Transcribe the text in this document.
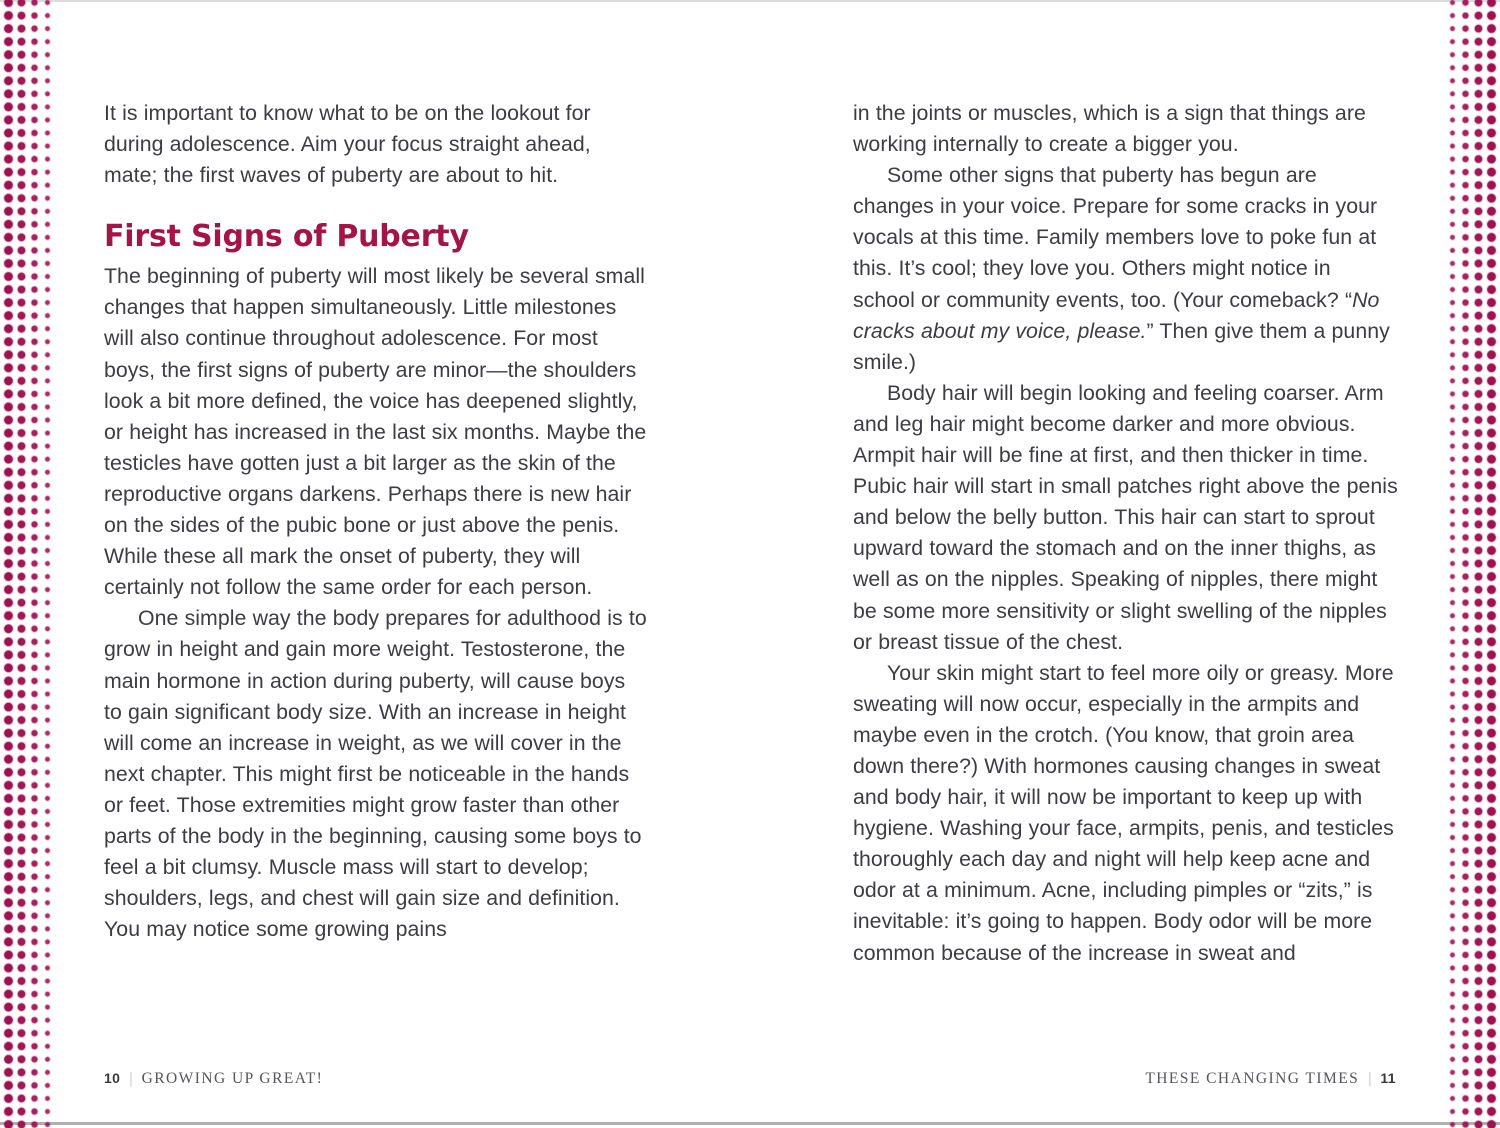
It is important to know what to be on the lookout for during adolescence. Aim your focus straight ahead, mate; the first waves of puberty are about to hit.

First Signs of Puberty

The beginning of puberty will most likely be several small changes that happen simultaneously. Little milestones will also continue throughout adolescence. For most boys, the first signs of puberty are minor—the shoulders look a bit more defined, the voice has deepened slightly, or height has increased in the last six months. Maybe the testicles have gotten just a bit larger as the skin of the reproductive organs darkens. Perhaps there is new hair on the sides of the pubic bone or just above the penis. While these all mark the onset of puberty, they will certainly not follow the same order for each person.

One simple way the body prepares for adulthood is to grow in height and gain more weight. Testosterone, the main hormone in action during puberty, will cause boys to gain significant body size. With an increase in height will come an increase in weight, as we will cover in the next chapter. This might first be noticeable in the hands or feet. Those extremities might grow faster than other parts of the body in the beginning, causing some boys to feel a bit clumsy. Muscle mass will start to develop; shoulders, legs, and chest will gain size and definition. You may notice some growing pains

in the joints or muscles, which is a sign that things are working internally to create a bigger you.

Some other signs that puberty has begun are changes in your voice. Prepare for some cracks in your vocals at this time. Family members love to poke fun at this. It’s cool; they love you. Others might notice in school or community events, too. (Your comeback? “No cracks about my voice, please.” Then give them a punny smile.)

Body hair will begin looking and feeling coarser. Arm and leg hair might become darker and more obvious. Armpit hair will be fine at first, and then thicker in time. Pubic hair will start in small patches right above the penis and below the belly button. This hair can start to sprout upward toward the stomach and on the inner thighs, as well as on the nipples. Speaking of nipples, there might be some more sensitivity or slight swelling of the nipples or breast tissue of the chest.

Your skin might start to feel more oily or greasy. More sweating will now occur, especially in the armpits and maybe even in the crotch. (You know, that groin area down there?) With hormones causing changes in sweat and body hair, it will now be important to keep up with hygiene. Washing your face, armpits, penis, and testicles thoroughly each day and night will help keep acne and odor at a minimum. Acne, including pimples or “zits,” is inevitable: it’s going to happen. Body odor will be more common because of the increase in sweat and

10 | GROWING UP GREAT!	THESE CHANGING TIMES | 11
